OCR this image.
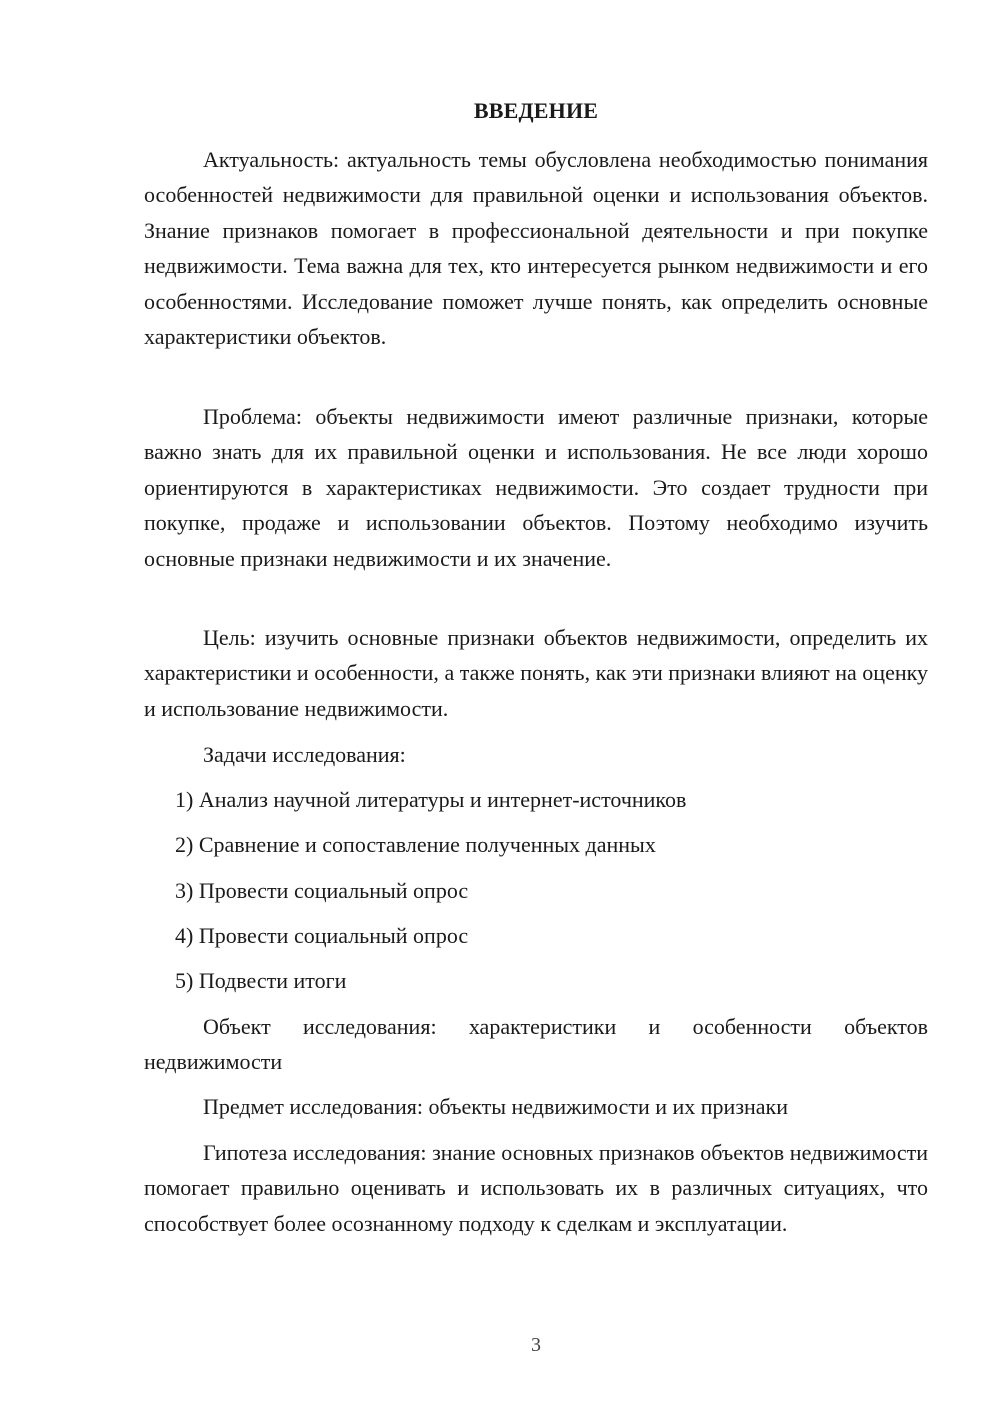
ВВЕДЕНИЕ

Актуальность: актуальность темы обусловлена необходимостью понимания особенностей недвижимости для правильной оценки и использования объектов. Знание признаков помогает в профессиональной деятельности и при покупке недвижимости. Тема важна для тех, кто интересуется рынком недвижимости и его особенностями. Исследование поможет лучше понять, как определить основные характеристики объектов.

Проблема: объекты недвижимости имеют различные признаки, которые важно знать для их правильной оценки и использования. Не все люди хорошо ориентируются в характеристиках недвижимости. Это создает трудности при покупке, продаже и использовании объектов. Поэтому необходимо изучить основные признаки недвижимости и их значение.

Цель: изучить основные признаки объектов недвижимости, определить их характеристики и особенности, а также понять, как эти признаки влияют на оценку и использование недвижимости.

Задачи исследования:

1) Анализ научной литературы и интернет-источников

2) Сравнение и сопоставление полученных данных

3) Провести социальный опрос

4) Провести социальный опрос

5) Подвести итоги

Объект исследования: характеристики и особенности объектов недвижимости

Предмет исследования: объекты недвижимости и их признаки

Гипотеза исследования: знание основных признаков объектов недвижимости помогает правильно оценивать и использовать их в различных ситуациях, что способствует более осознанному подходу к сделкам и эксплуатации.

3
